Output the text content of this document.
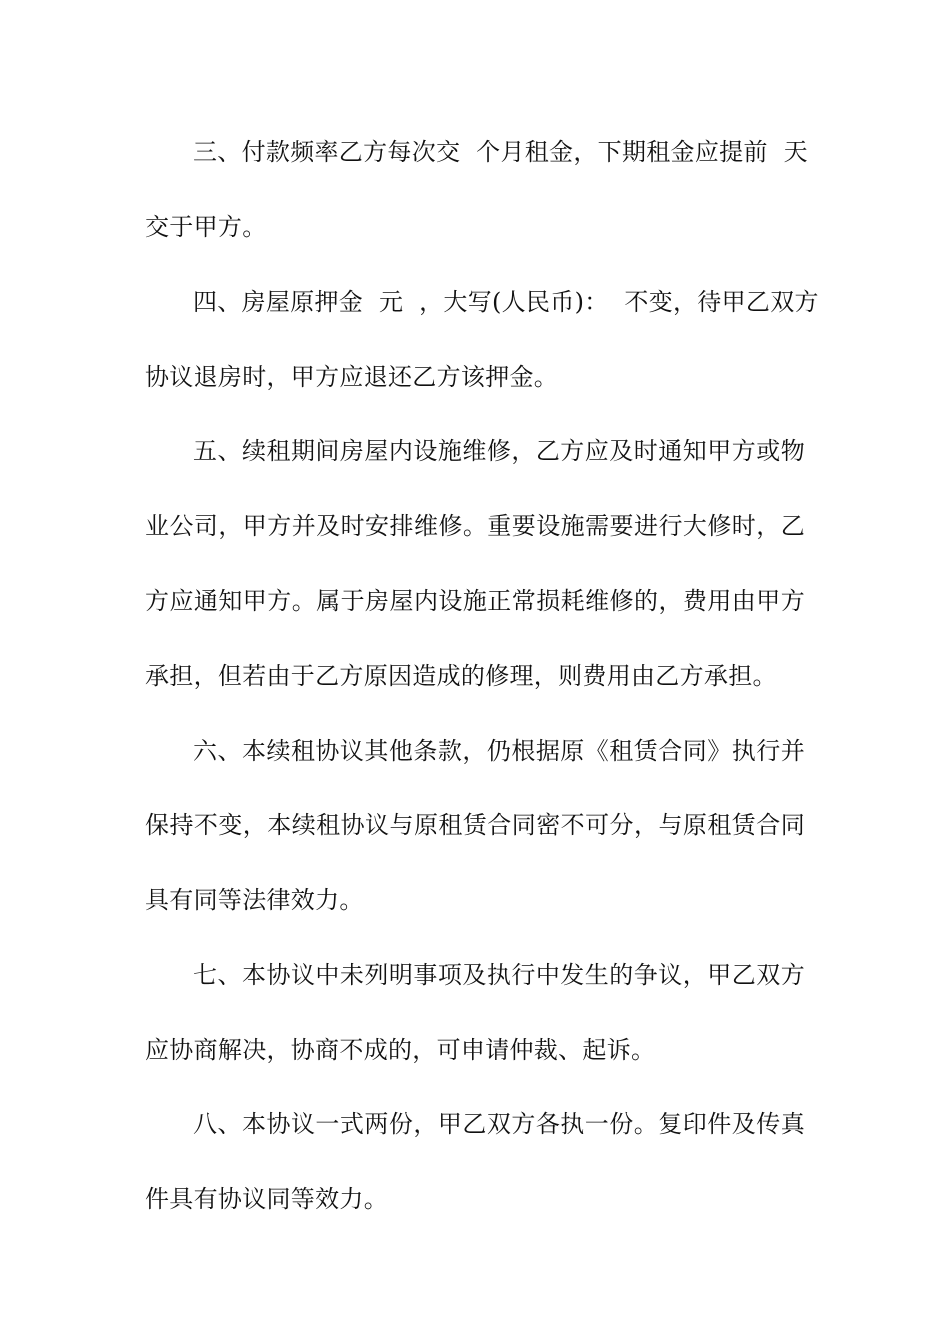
三、付款频率乙方每次交  个月租金，下期租金应提前  天
交于甲方。
四、房屋原押金  元  ，大写(人民币)：  不变，待甲乙双方
协议退房时，甲方应退还乙方该押金。
五、续租期间房屋内设施维修，乙方应及时通知甲方或物
业公司，甲方并及时安排维修。重要设施需要进行大修时，乙
方应通知甲方。属于房屋内设施正常损耗维修的，费用由甲方
承担，但若由于乙方原因造成的修理，则费用由乙方承担。
六、本续租协议其他条款，仍根据原《租赁合同》执行并
保持不变，本续租协议与原租赁合同密不可分，与原租赁合同
具有同等法律效力。
七、本协议中未列明事项及执行中发生的争议，甲乙双方
应协商解决，协商不成的，可申请仲裁、起诉。
八、本协议一式两份，甲乙双方各执一份。复印件及传真
件具有协议同等效力。
